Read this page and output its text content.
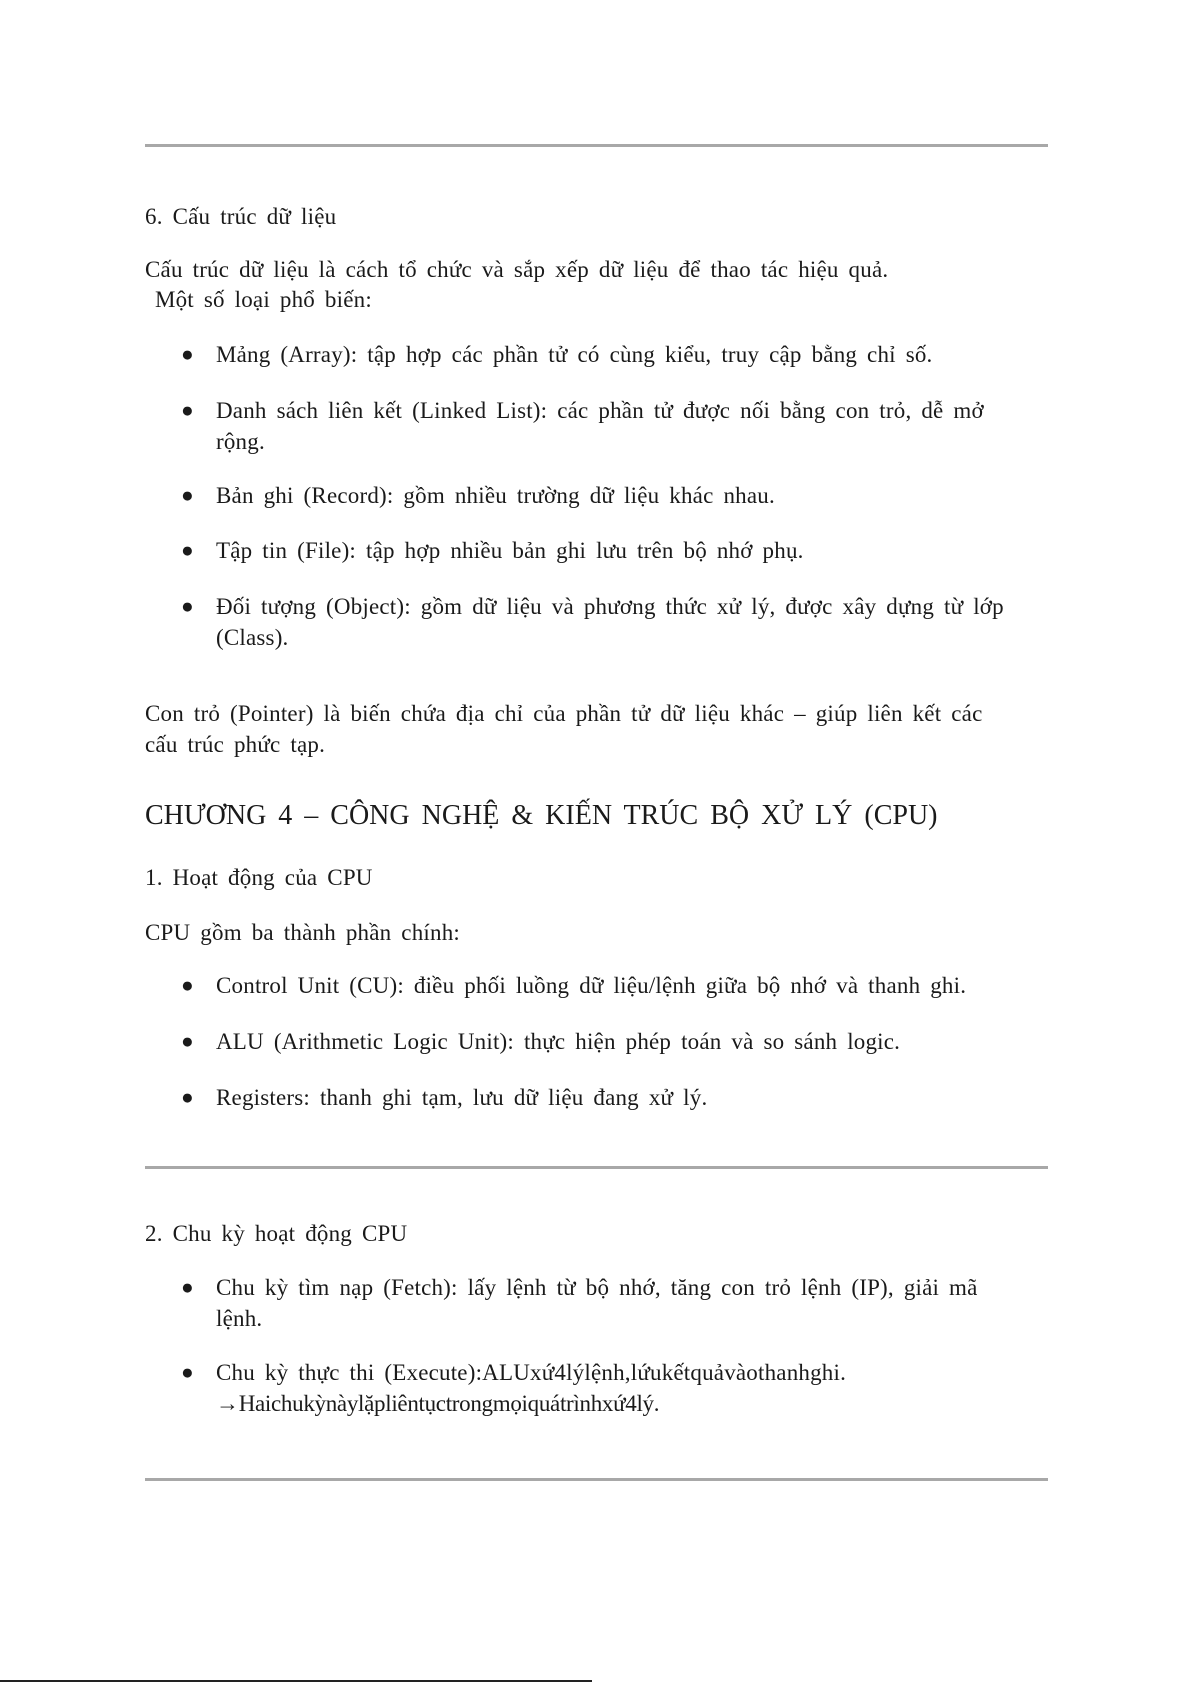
6. Cấu trúc dữ liệu

Cấu trúc dữ liệu là cách tổ chức và sắp xếp dữ liệu để thao tác hiệu quả.

Một số loại phổ biến:

● Mảng (Array): tập hợp các phần tử có cùng kiểu, truy cập bằng chỉ số.

● Danh sách liên kết (Linked List): các phần tử được nối bằng con trỏ, dễ mở
rộng.

● Bản ghi (Record): gồm nhiều trường dữ liệu khác nhau.

● Tập tin (File): tập hợp nhiều bản ghi lưu trên bộ nhớ phụ.

● Đối tượng (Object): gồm dữ liệu và phương thức xử lý, được xây dựng từ lớp
(Class).

Con trỏ (Pointer) là biến chứa địa chỉ của phần tử dữ liệu khác – giúp liên kết các

cấu trúc phức tạp.

CHƯƠNG 4 – CÔNG NGHỆ & KIẾN TRÚC BỘ XỬ LÝ (CPU)

1. Hoạt động của CPU

CPU gồm ba thành phần chính:

● Control Unit (CU): điều phối luồng dữ liệu/lệnh giữa bộ nhớ và thanh ghi.

● ALU (Arithmetic Logic Unit): thực hiện phép toán và so sánh logic.

● Registers: thanh ghi tạm, lưu dữ liệu đang xử lý.

2. Chu kỳ hoạt động CPU

● Chu kỳ tìm nạp (Fetch): lấy lệnh từ bộ nhớ, tăng con trỏ lệnh (IP), giải mã
lệnh.

● Chu kỳ thực thi (Execute):ALUxứ4lýlệnh,lứukếtquảvàothanhghi.
→Haichukỳnàylặpliêntụctrongmọiquátrìnhxứ4lý.
